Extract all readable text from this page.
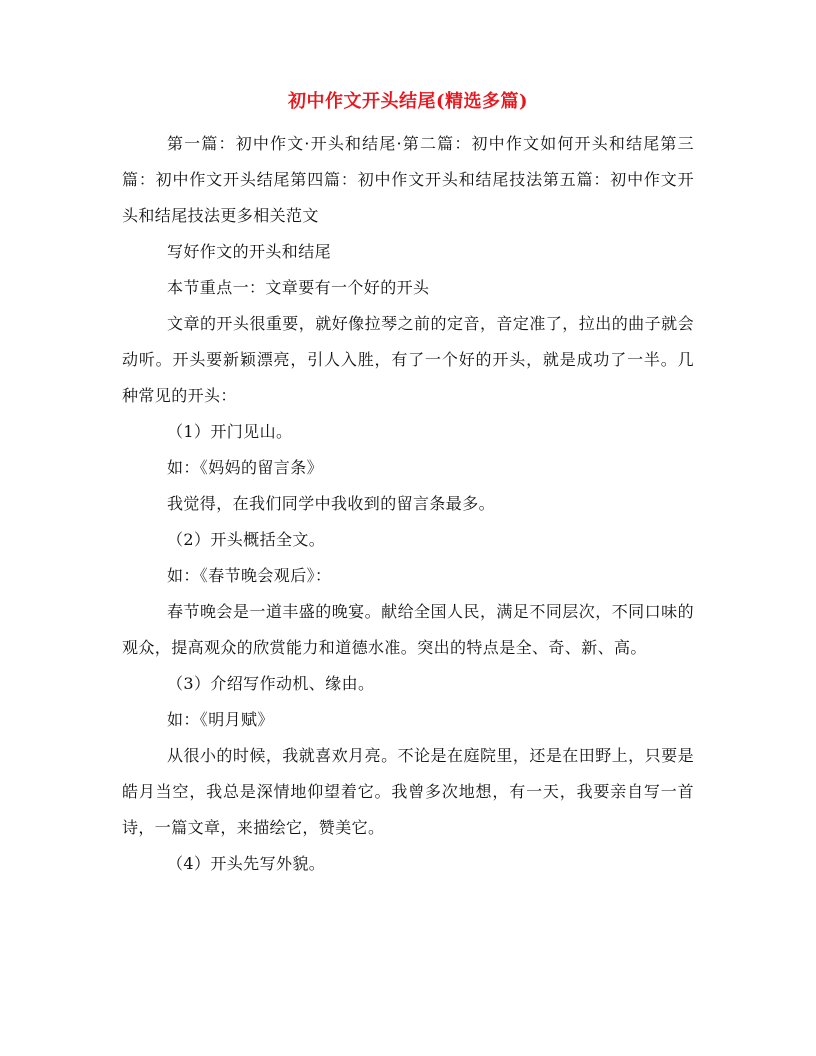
初中作文开头结尾(精选多篇)

第一篇：初中作文·开头和结尾·第二篇：初中作文如何开头和结尾第三篇：初中作文开头结尾第四篇：初中作文开头和结尾技法第五篇：初中作文开头和结尾技法更多相关范文

写好作文的开头和结尾

本节重点一：文章要有一个好的开头

文章的开头很重要，就好像拉琴之前的定音，音定准了，拉出的曲子就会动听。开头要新颖漂亮，引人入胜，有了一个好的开头，就是成功了一半。几种常见的开头：

（1）开门见山。

如：《妈妈的留言条》

我觉得，在我们同学中我收到的留言条最多。

（2）开头概括全文。

如：《春节晚会观后》：

春节晚会是一道丰盛的晚宴。献给全国人民，满足不同层次，不同口味的观众，提高观众的欣赏能力和道德水准。突出的特点是全、奇、新、高。

（3）介绍写作动机、缘由。

如：《明月赋》

从很小的时候，我就喜欢月亮。不论是在庭院里，还是在田野上，只要是皓月当空，我总是深情地仰望着它。我曾多次地想，有一天，我要亲自写一首诗，一篇文章，来描绘它，赞美它。

（4）开头先写外貌。
